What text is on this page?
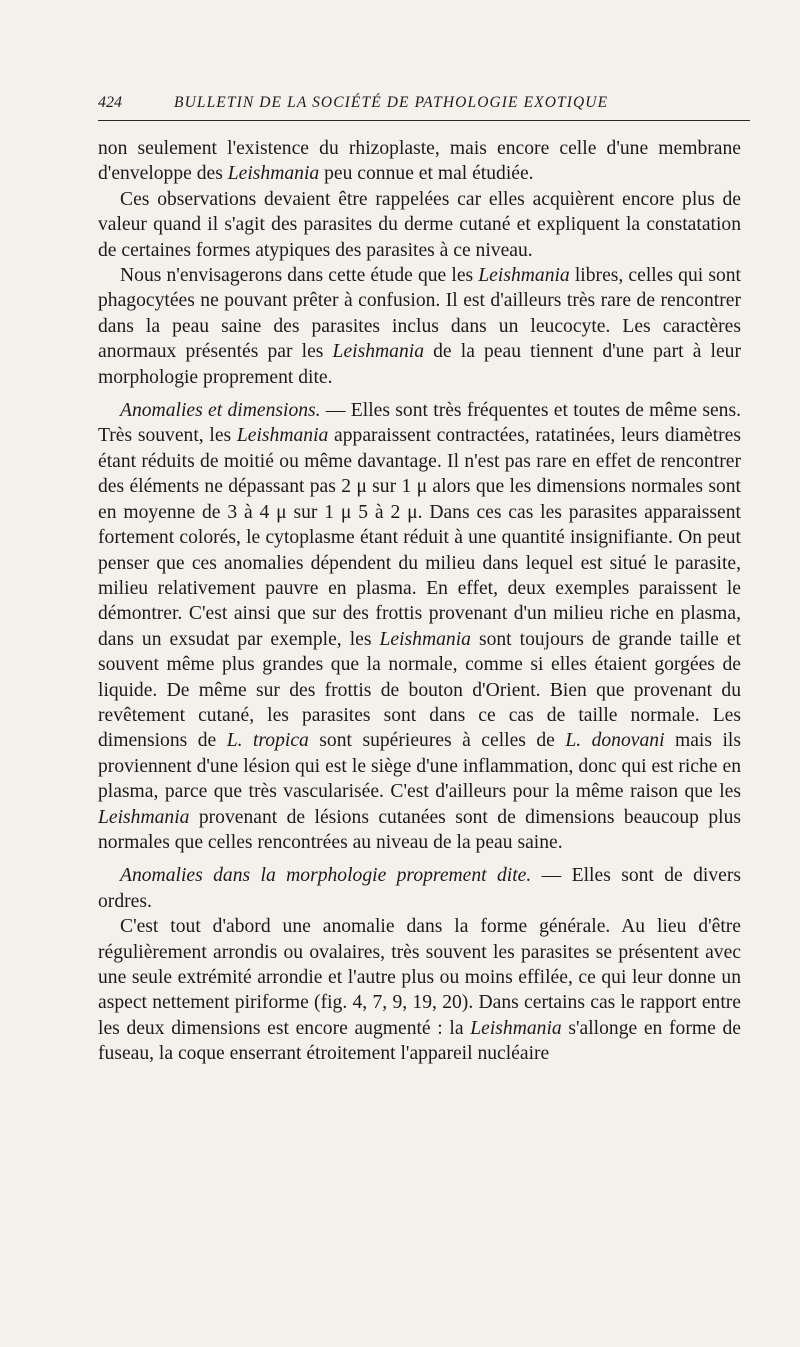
424	BULLETIN DE LA SOCIÉTÉ DE PATHOLOGIE EXOTIQUE

non seulement l'existence du rhizoplaste, mais encore celle d'une membrane d'enveloppe des Leishmania peu connue et mal étudiée.

Ces observations devaient être rappelées car elles acquièrent encore plus de valeur quand il s'agit des parasites du derme cutané et expliquent la constatation de certaines formes atypiques des parasites à ce niveau.

Nous n'envisagerons dans cette étude que les Leishmania libres, celles qui sont phagocytées ne pouvant prêter à confusion. Il est d'ailleurs très rare de rencontrer dans la peau saine des parasites inclus dans un leucocyte. Les caractères anormaux présentés par les Leishmania de la peau tiennent d'une part à leur morphologie proprement dite.

Anomalies et dimensions. — Elles sont très fréquentes et toutes de même sens. Très souvent, les Leishmania apparaissent contractées, ratatinées, leurs diamètres étant réduits de moitié ou même davantage. Il n'est pas rare en effet de rencontrer des éléments ne dépassant pas 2 μ sur 1 μ alors que les dimensions normales sont en moyenne de 3 à 4 μ sur 1 μ 5 à 2 μ. Dans ces cas les parasites apparaissent fortement colorés, le cytoplasme étant réduit à une quantité insignifiante. On peut penser que ces anomalies dépendent du milieu dans lequel est situé le parasite, milieu relativement pauvre en plasma. En effet, deux exemples paraissent le démontrer. C'est ainsi que sur des frottis provenant d'un milieu riche en plasma, dans un exsudat par exemple, les Leishmania sont toujours de grande taille et souvent même plus grandes que la normale, comme si elles étaient gorgées de liquide. De même sur des frottis de bouton d'Orient. Bien que provenant du revêtement cutané, les parasites sont dans ce cas de taille normale. Les dimensions de L. tropica sont supérieures à celles de L. donovani mais ils proviennent d'une lésion qui est le siège d'une inflammation, donc qui est riche en plasma, parce que très vascularisée. C'est d'ailleurs pour la même raison que les Leishmania provenant de lésions cutanées sont de dimensions beaucoup plus normales que celles rencontrées au niveau de la peau saine.

Anomalies dans la morphologie proprement dite. — Elles sont de divers ordres.

C'est tout d'abord une anomalie dans la forme générale. Au lieu d'être régulièrement arrondis ou ovalaires, très souvent les parasites se présentent avec une seule extrémité arrondie et l'autre plus ou moins effilée, ce qui leur donne un aspect nettement piriforme (fig. 4, 7, 9, 19, 20). Dans certains cas le rapport entre les deux dimensions est encore augmenté : la Leishmania s'allonge en forme de fuseau, la coque enserrant étroitement l'appareil nucléaire
